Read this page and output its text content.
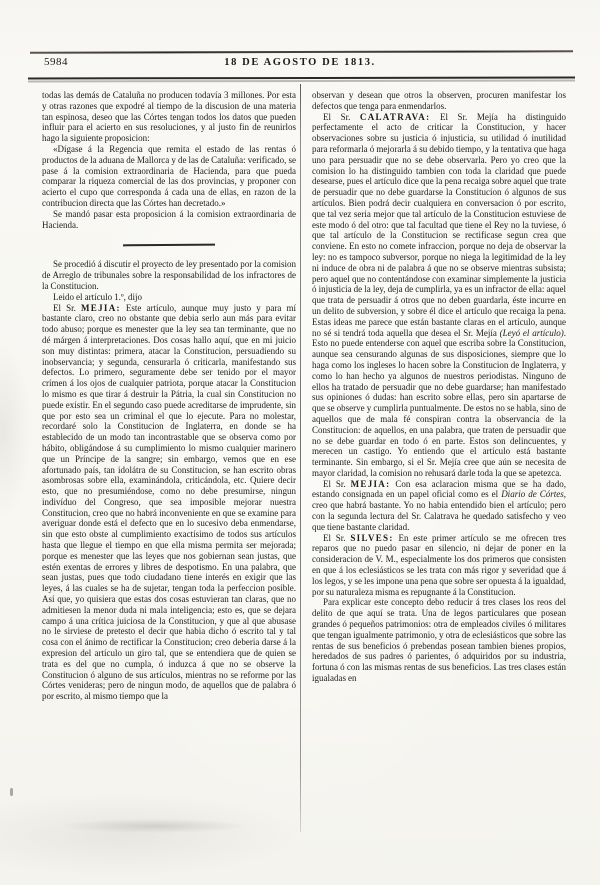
5984	18 DE AGOSTO DE 1813.

todas las demás de Cataluña no producen todavía 3 millones. Por esta y otras razones que expodré al tiempo de la discusion de una materia tan espinosa, deseo que las Córtes tengan todos los datos que pueden influir para el acierto en sus resoluciones, y al justo fin de reunirlos hago la siguiente proposicion:

«Dígase á la Regencia que remita el estado de las rentas ó productos de la aduana de Mallorca y de las de Cataluña: verificado, se pase á la comision extraordinaria de Hacienda, para que pueda comparar la riqueza comercial de las dos provincias, y proponer con acierto el cupo que corresponda á cada una de ellas, en razon de la contribucion directa que las Córtes han decretado.»

Se mandó pasar esta proposicion á la comision extraordinaria de Hacienda.

Se procedió á discutir el proyecto de ley presentado por la comision de Arreglo de tribunales sobre la responsabilidad de los infractores de la Constitucion.

Leido el artículo 1.º, dijo

El Sr. MEJIA: Este artículo, aunque muy justo y para mí bastante claro, creo no obstante que debia serlo aun más para evitar todo abuso; porque es menester que la ley sea tan terminante, que no dé márgen á interpretaciones. Dos cosas hallo aquí, que en mi juicio son muy distintas: primera, atacar la Constitucion, persuadiendo su inobservancia; y segunda, censurarla ó criticarla, manifestando sus defectos. Lo primero, seguramente debe ser tenido por el mayor crímen á los ojos de cualquier patriota, porque atacar la Constitucion lo mismo es que tirar á destruir la Pátria, la cual sin Constitucion no puede existir. En el segundo caso puede acreditarse de imprudente, sin que por esto sea un criminal el que lo ejecute. Para no molestar, recordaré solo la Constitucion de Inglaterra, en donde se ha establecido de un modo tan incontrastable que se observa como por hábito, obligándose á su cumplimiento lo mismo cualquier marinero que un Príncipe de la sangre; sin embargo, vemos que en ese afortunado país, tan idolátra de su Constitucion, se han escrito obras asombrosas sobre ella, examinándola, criticándola, etc. Quiere decir esto, que no presumiéndose, como no debe presumirse, ningun indivíduo del Congreso, que sea imposible mejorar nuestra Constitucion, creo que no habrá inconveniente en que se examine para averiguar donde está el defecto que en lo sucesivo deba enmendarse, sin que esto obste al cumplimiento exactísimo de todos sus artículos hasta que llegue el tiempo en que ella misma permita ser mejorada; porque es menester que las leyes que nos gobiernan sean justas, que estén exentas de errores y libres de despotismo. En una palabra, que sean justas, pues que todo ciudadano tiene interés en exigir que las leyes, á las cuales se ha de sujetar, tengan toda la perfeccion posible. Así que, yo quisiera que estas dos cosas estuvieran tan claras, que no admitiesen la menor duda ni mala inteligencia; esto es, que se dejara campo á una crítica juiciosa de la Constitucion, y que al que abusase no le sirviese de pretesto el decir que habia dicho ó escrito tal y tal cosa con el ánimo de rectificar la Constitucion; creo deberia darse á la expresion del artículo un giro tal, que se entendiera que de quien se trata es del que no cumpla, ó induzca á que no se observe la Constitucion ó alguno de sus artículos, mientras no se reforme por las Córtes venideras; pero de ningun modo, de aquellos que de palabra ó por escrito, al mismo tiempo que la

observan y desean que otros la observen, procuren manifestar los defectos que tenga para enmendarlos.

El Sr. CALATRAVA: El Sr. Mejía ha distinguido perfectamente el acto de criticar la Constitucion, y hacer observaciones sobre su justicia ó injusticia, su utilidad ó inutilidad para reformarla ó mejorarla á su debido tiempo, y la tentativa que haga uno para persuadir que no se debe observarla. Pero yo creo que la comision lo ha distinguido tambien con toda la claridad que puede desearse, pues el artículo dice que la pena recaiga sobre aquel que trate de persuadir que no debe guardarse la Constitucion ó algunos de sus artículos. Bien podrá decir cualquiera en conversacion ó por escrito, que tal vez seria mejor que tal artículo de la Constitucion estuviese de este modo ó del otro: que tal facultad que tiene el Rey no la tuviese, ó que tal artículo de la Constitucion se rectificase segun crea que conviene. En esto no comete infraccion, porque no deja de observar la ley: no es tampoco subversor, porque no niega la legitimidad de la ley ni induce de obra ni de palabra á que no se observe mientras subsista; pero aquel que no contentándose con examinar simplemente la justicia ó injusticia de la ley, deja de cumplirla, ya es un infractor de ella: aquel que trata de persuadir á otros que no deben guardarla, éste incurre en un delito de subversion, y sobre él dice el artículo que recaiga la pena. Estas ideas me parece que están bastante claras en el artículo, aunque no sé si tendrá toda aquella que desea el Sr. Mejía (Leyó el artículo). Esto no puede entenderse con aquel que escriba sobre la Constitucion, aunque sea censurando algunas de sus disposiciones, siempre que lo haga como los ingleses lo hacen sobre la Constitucion de Inglaterra, y como lo han hecho ya algunos de nuestros periodistas. Ninguno de ellos ha tratado de persuadir que no debe guardarse; han manifestado sus opiniones ó dudas: han escrito sobre ellas, pero sin apartarse de que se observe y cumplirla puntualmente. De estos no se habla, sino de aquellos que de mala fé conspiran contra la observancia de la Constitucion: de aquellos, en una palabra, que traten de persuadir que no se debe guardar en todo ó en parte. Estos son delincuentes, y merecen un castigo. Yo entiendo que el artículo está bastante terminante. Sin embargo, si el Sr. Mejía cree que aún se necesita de mayor claridad, la comision no rehusará darle toda la que se apetezca.

El Sr. MEJIA: Con esa aclaracion misma que se ha dado, estando consignada en un papel oficial como es el Diario de Córtes, creo que habrá bastante. Yo no habia entendido bien el artículo; pero con la segunda lectura del Sr. Calatrava he quedado satisfecho y veo que tiene bastante claridad.

El Sr. SILVES: En este primer artículo se me ofrecen tres reparos que no puedo pasar en silencio, ni dejar de poner en la consideracion de V. M., especialmente los dos primeros que consisten en que á los eclesiásticos se les trata con más rigor y severidad que á los legos, y se les impone una pena que sobre ser opuesta á la igualdad, por su naturaleza misma es repugnante á la Constitucion.

Para explicar este concepto debo reducir á tres clases los reos del delito de que aquí se trata. Una de legos particulares que posean grandes ó pequeños patrimonios: otra de empleados civiles ó militares que tengan igualmente patrimonio, y otra de eclesiásticos que sobre las rentas de sus beneficios ó prebendas posean tambien bienes propios, heredados de sus padres ó parientes, ó adquiridos por su industria, fortuna ó con las mismas rentas de sus beneficios. Las tres clases están igualadas en
